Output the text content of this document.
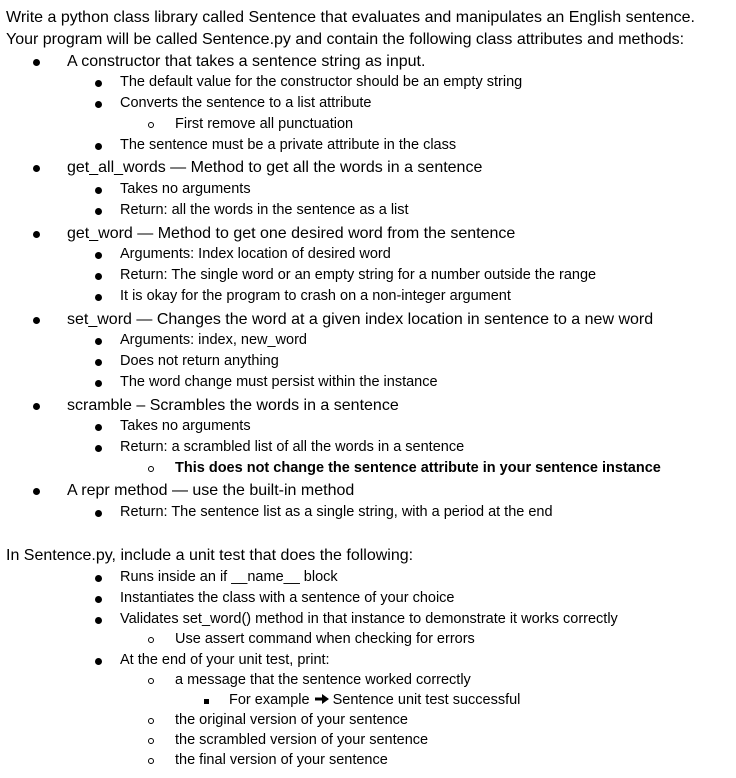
Write a python class library called Sentence that evaluates and manipulates an English sentence.
Your program will be called Sentence.py and contain the following class attributes and methods:
A constructor that takes a sentence string as input.
The default value for the constructor should be an empty string
Converts the sentence to a list attribute
First remove all punctuation
The sentence must be a private attribute in the class
get_all_words — Method to get all the words in a sentence
Takes no arguments
Return: all the words in the sentence as a list
get_word — Method to get one desired word from the sentence
Arguments: Index location of desired word
Return: The single word or an empty string for a number outside the range
It is okay for the program to crash on a non-integer argument
set_word — Changes the word at a given index location in sentence to a new word
Arguments: index, new_word
Does not return anything
The word change must persist within the instance
scramble – Scrambles the words in a sentence
Takes no arguments
Return: a scrambled list of all the words in a sentence
This does not change the sentence attribute in your sentence instance
A repr method — use the built-in method
Return: The sentence list as a single string, with a period at the end
In Sentence.py, include a unit test that does the following:
Runs inside an if __name__ block
Instantiates the class with a sentence of your choice
Validates set_word() method in that instance to demonstrate it works correctly
Use assert command when checking for errors
At the end of your unit test, print:
a message that the sentence worked correctly
For example Sentence unit test successful
the original version of your sentence
the scrambled version of your sentence
the final version of your sentence
